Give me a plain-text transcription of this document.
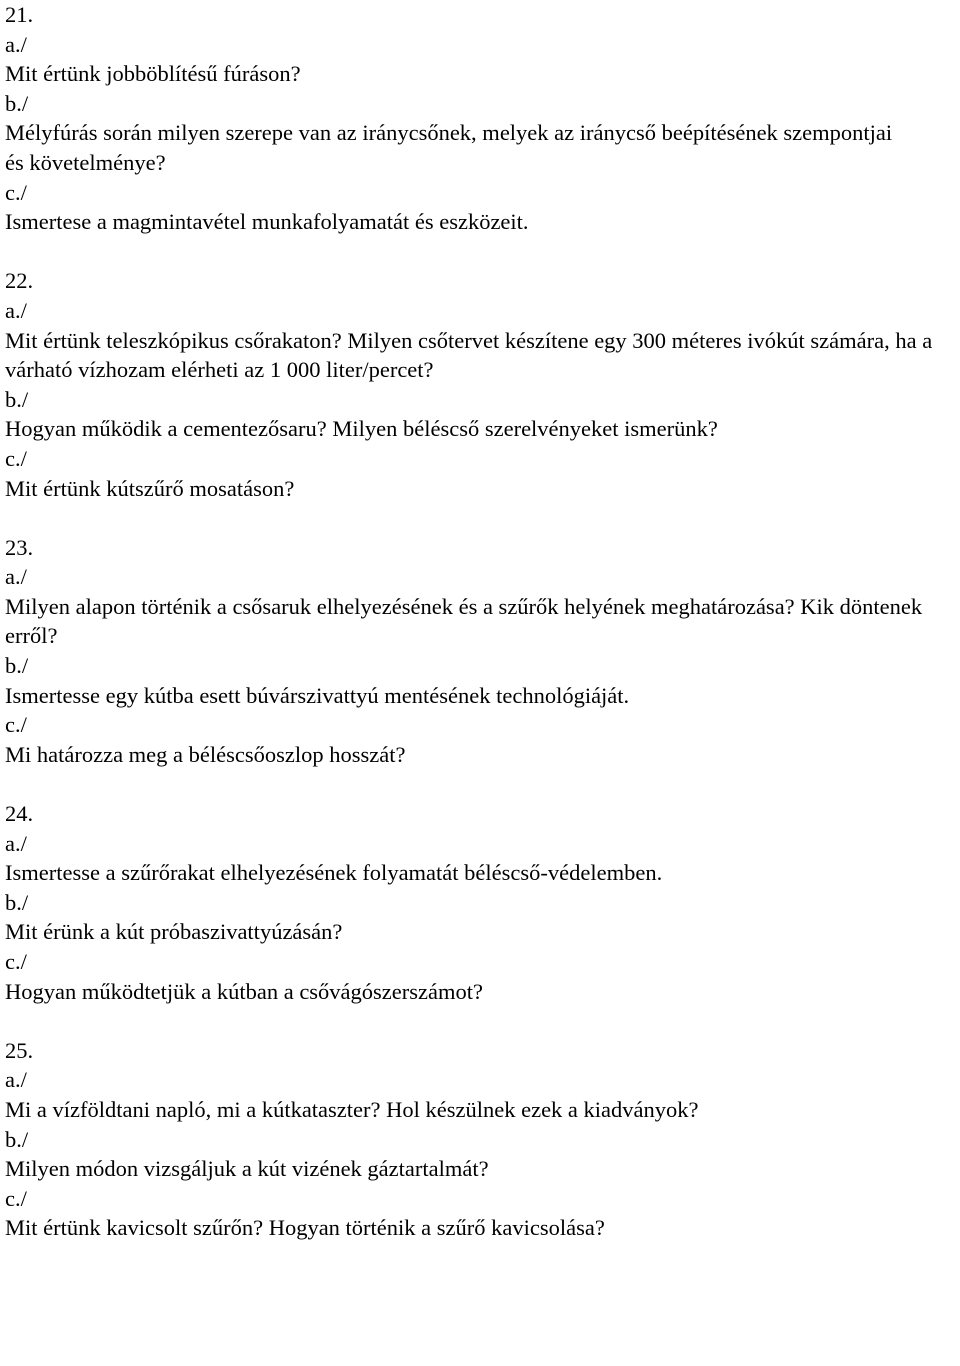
21.
a./
Mit értünk jobböblítésű fúráson?
b./
Mélyfúrás során milyen szerepe van az iránycsőnek, melyek az iránycső beépítésének szempontjai és követelménye?
c./
Ismertese a magmintavétel munkafolyamatát és eszközeit.
22.
a./
Mit értünk teleszkópikus csőrakaton? Milyen csőtervet készítene egy 300 méteres ivókút számára, ha a várható vízhozam elérheti az 1 000 liter/percet?
b./
Hogyan működik a cementezősaru? Milyen béléscső szerelvényeket ismerünk?
c./
Mit értünk kútszűrő mosatáson?
23.
a./
Milyen alapon történik a csősaruk elhelyezésének és a szűrők helyének meghatározása? Kik döntenek erről?
b./
Ismertesse egy kútba esett búvárszivattyú mentésének technológiáját.
c./
Mi határozza meg a béléscsőoszlop hosszát?
24.
a./
Ismertesse a szűrőrakat elhelyezésének folyamatát béléscső-védelemben.
b./
Mit érünk a kút próbaszivattyúzásán?
c./
Hogyan működtetjük a kútban a csővágószerszámot?
25.
a./
Mi a vízföldtani napló, mi a kútkataszter? Hol készülnek ezek a kiadványok?
b./
Milyen módon vizsgáljuk a kút vizének gáztartalmát?
c./
Mit értünk kavicsolt szűrőn? Hogyan történik a szűrő kavicsolása?
